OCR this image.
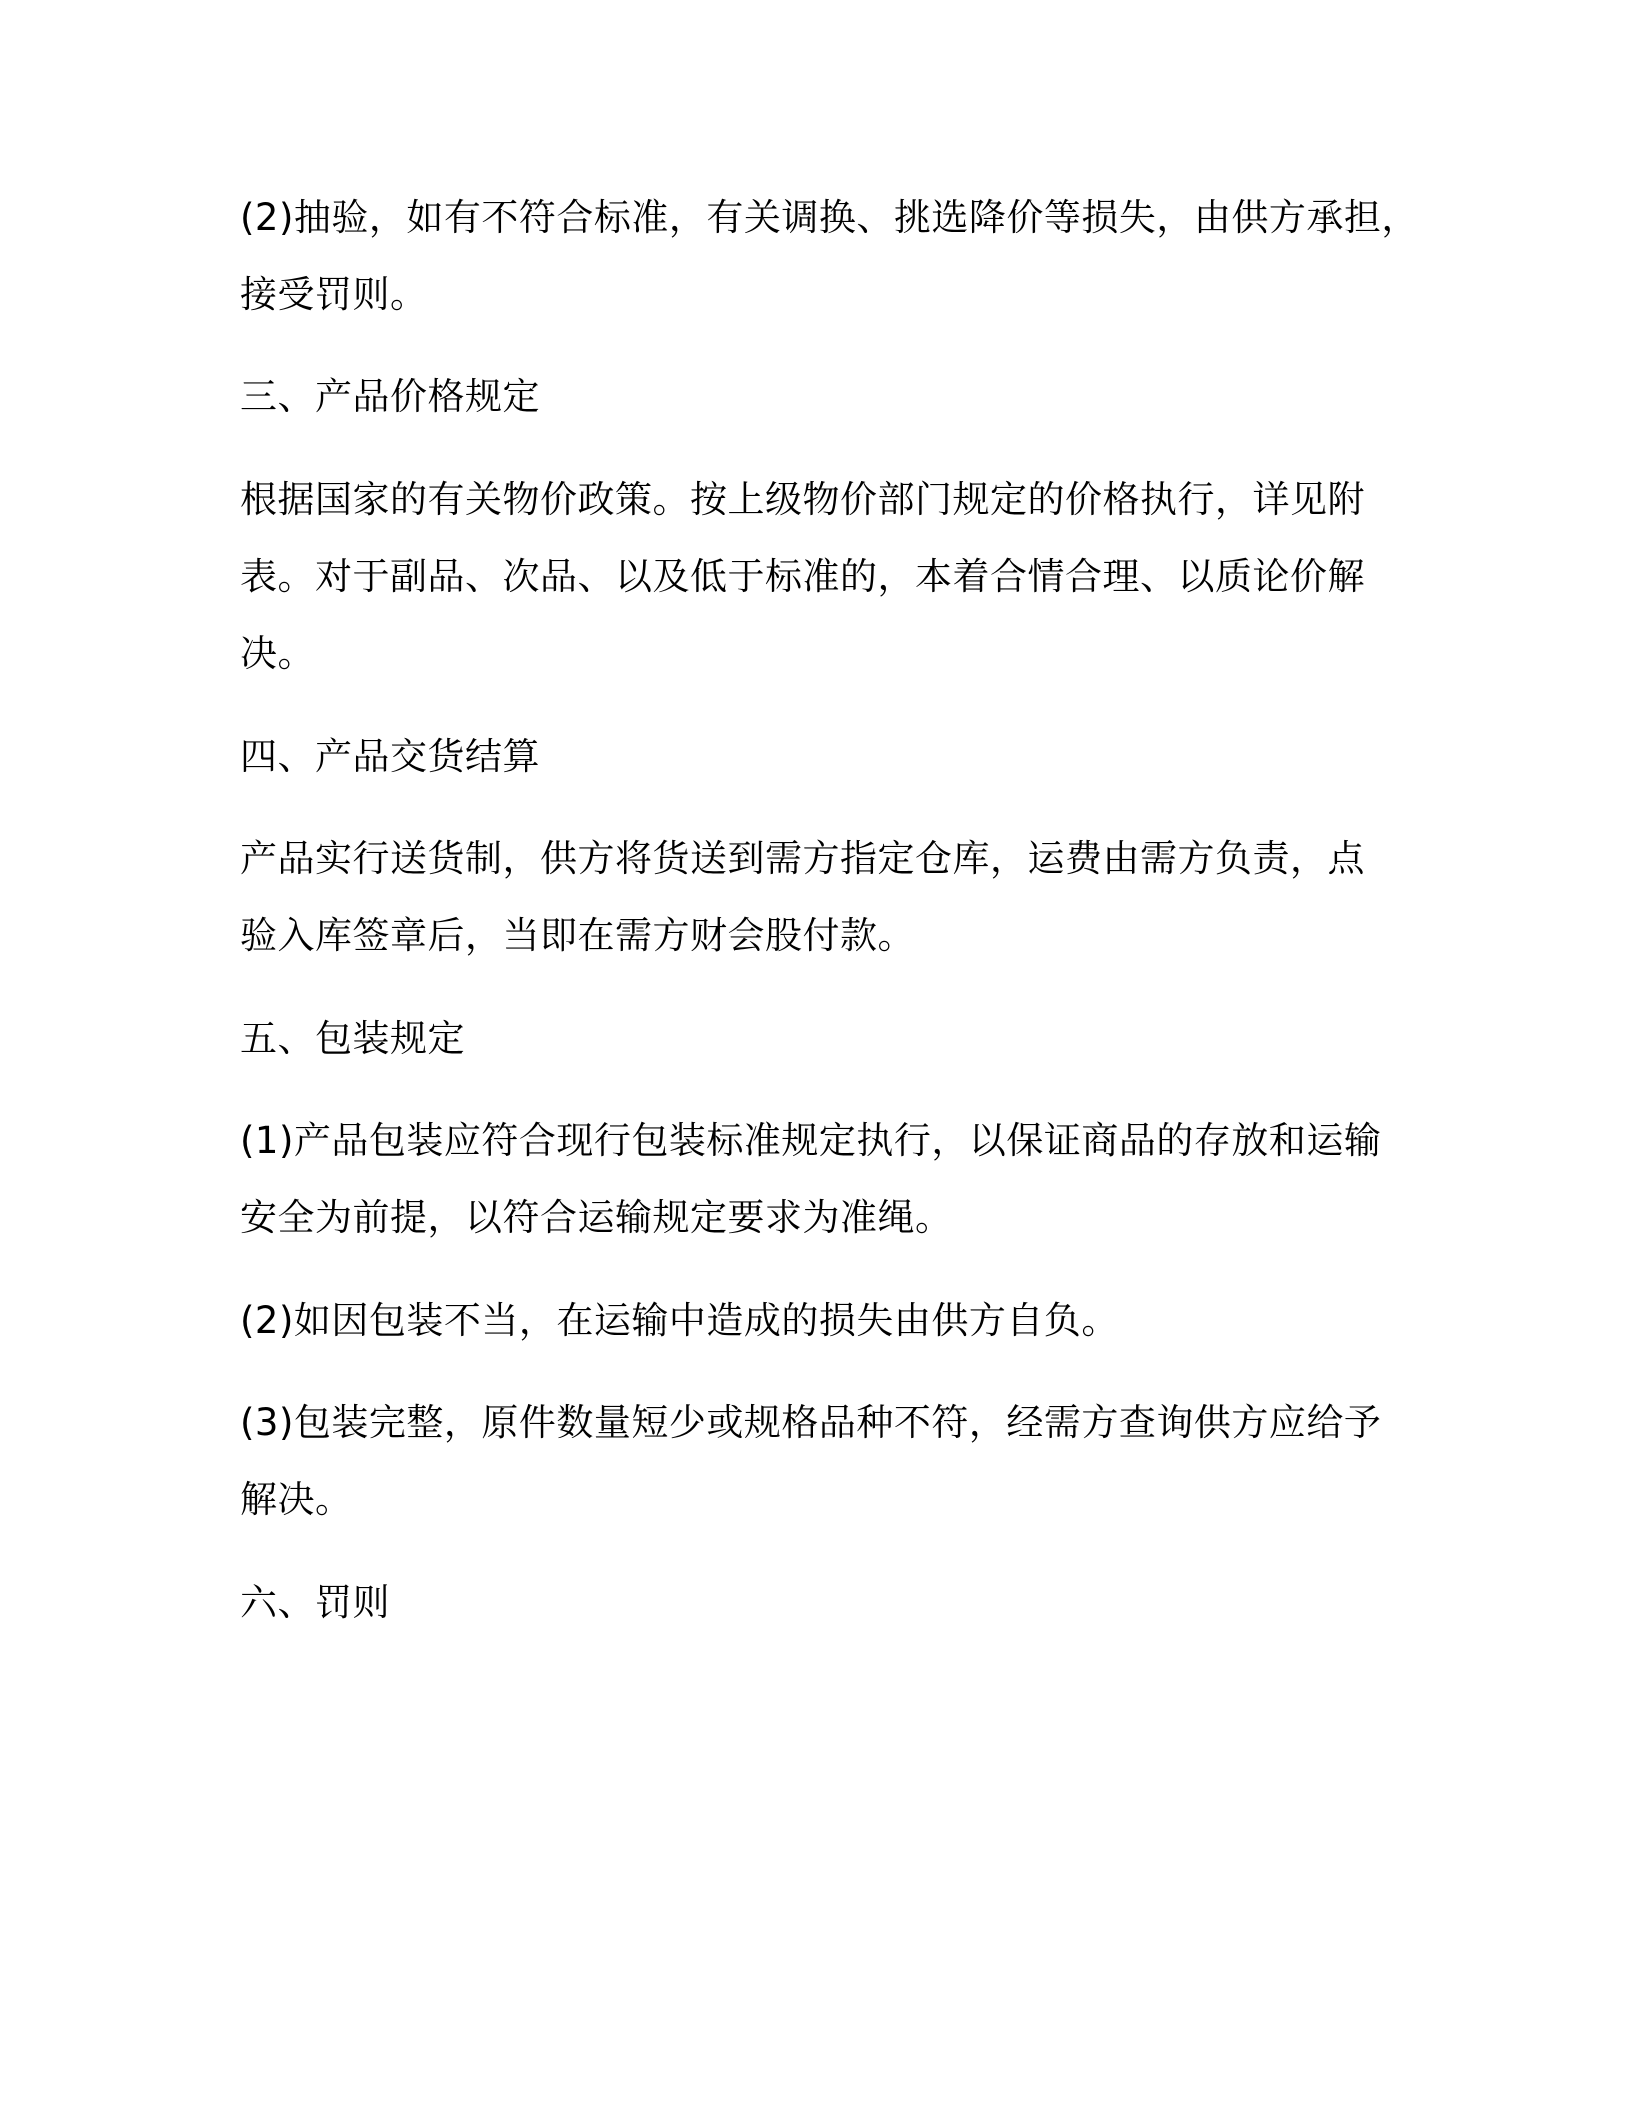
(2)抽验，如有不符合标准，有关调换、挑选降价等损失，由供方承担，

接受罚则。

三、产品价格规定

根据国家的有关物价政策。按上级物价部门规定的价格执行，详见附

表。对于副品、次品、以及低于标准的，本着合情合理、以质论价解

决。

四、产品交货结算

产品实行送货制，供方将货送到需方指定仓库，运费由需方负责，点

验入库签章后，当即在需方财会股付款。

五、包装规定

(1)产品包装应符合现行包装标准规定执行，以保证商品的存放和运输

安全为前提，以符合运输规定要求为准绳。

(2)如因包装不当，在运输中造成的损失由供方自负。

(3)包装完整，原件数量短少或规格品种不符，经需方查询供方应给予

解决。

六、罚则
